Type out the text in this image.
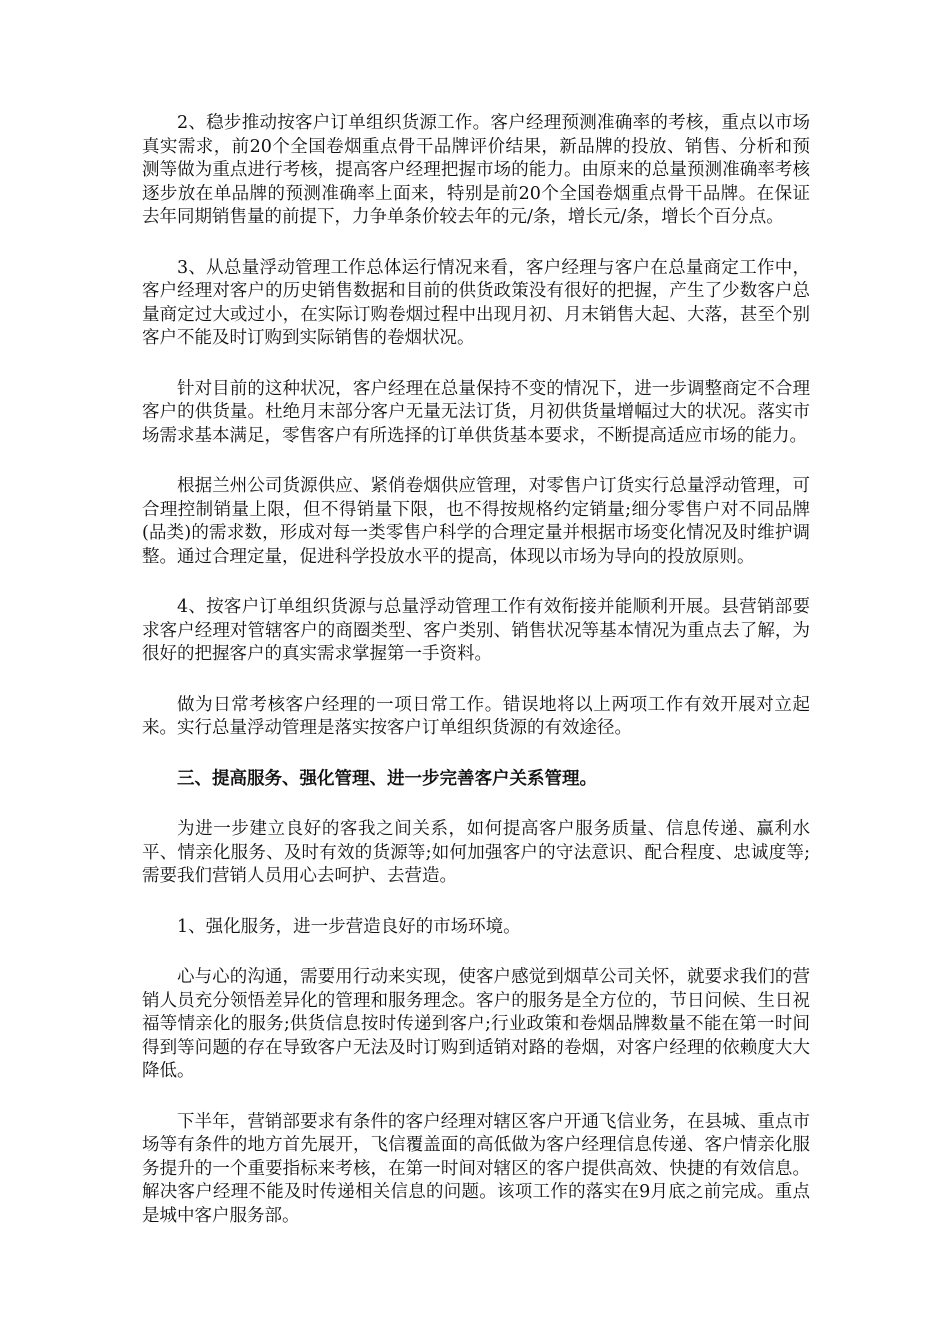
2、稳步推动按客户订单组织货源工作。客户经理预测准确率的考核，重点以市场真实需求，前20个全国卷烟重点骨干品牌评价结果，新品牌的投放、销售、分析和预测等做为重点进行考核，提高客户经理把握市场的能力。由原来的总量预测准确率考核逐步放在单品牌的预测准确率上面来，特别是前20个全国卷烟重点骨干品牌。在保证去年同期销售量的前提下，力争单条价较去年的元/条，增长元/条，增长个百分点。

3、从总量浮动管理工作总体运行情况来看，客户经理与客户在总量商定工作中，客户经理对客户的历史销售数据和目前的供货政策没有很好的把握，产生了少数客户总量商定过大或过小，在实际订购卷烟过程中出现月初、月末销售大起、大落，甚至个别客户不能及时订购到实际销售的卷烟状况。

针对目前的这种状况，客户经理在总量保持不变的情况下，进一步调整商定不合理客户的供货量。杜绝月末部分客户无量无法订货，月初供货量增幅过大的状况。落实市场需求基本满足，零售客户有所选择的订单供货基本要求，不断提高适应市场的能力。

根据兰州公司货源供应、紧俏卷烟供应管理，对零售户订货实行总量浮动管理，可合理控制销量上限，但不得销量下限，也不得按规格约定销量;细分零售户对不同品牌(品类)的需求数，形成对每一类零售户科学的合理定量并根据市场变化情况及时维护调整。通过合理定量，促进科学投放水平的提高，体现以市场为导向的投放原则。

4、按客户订单组织货源与总量浮动管理工作有效衔接并能顺利开展。县营销部要求客户经理对管辖客户的商圈类型、客户类别、销售状况等基本情况为重点去了解，为很好的把握客户的真实需求掌握第一手资料。

做为日常考核客户经理的一项日常工作。错误地将以上两项工作有效开展对立起来。实行总量浮动管理是落实按客户订单组织货源的有效途径。

三、提高服务、强化管理、进一步完善客户关系管理。

为进一步建立良好的客我之间关系，如何提高客户服务质量、信息传递、赢利水平、情亲化服务、及时有效的货源等;如何加强客户的守法意识、配合程度、忠诚度等;需要我们营销人员用心去呵护、去营造。

1、强化服务，进一步营造良好的市场环境。

心与心的沟通，需要用行动来实现，使客户感觉到烟草公司关怀，就要求我们的营销人员充分领悟差异化的管理和服务理念。客户的服务是全方位的，节日问候、生日祝福等情亲化的服务;供货信息按时传递到客户;行业政策和卷烟品牌数量不能在第一时间得到等问题的存在导致客户无法及时订购到适销对路的卷烟，对客户经理的依赖度大大降低。

下半年，营销部要求有条件的客户经理对辖区客户开通飞信业务，在县城、重点市场等有条件的地方首先展开，飞信覆盖面的高低做为客户经理信息传递、客户情亲化服务提升的一个重要指标来考核，在第一时间对辖区的客户提供高效、快捷的有效信息。解决客户经理不能及时传递相关信息的问题。该项工作的落实在9月底之前完成。重点是城中客户服务部。
